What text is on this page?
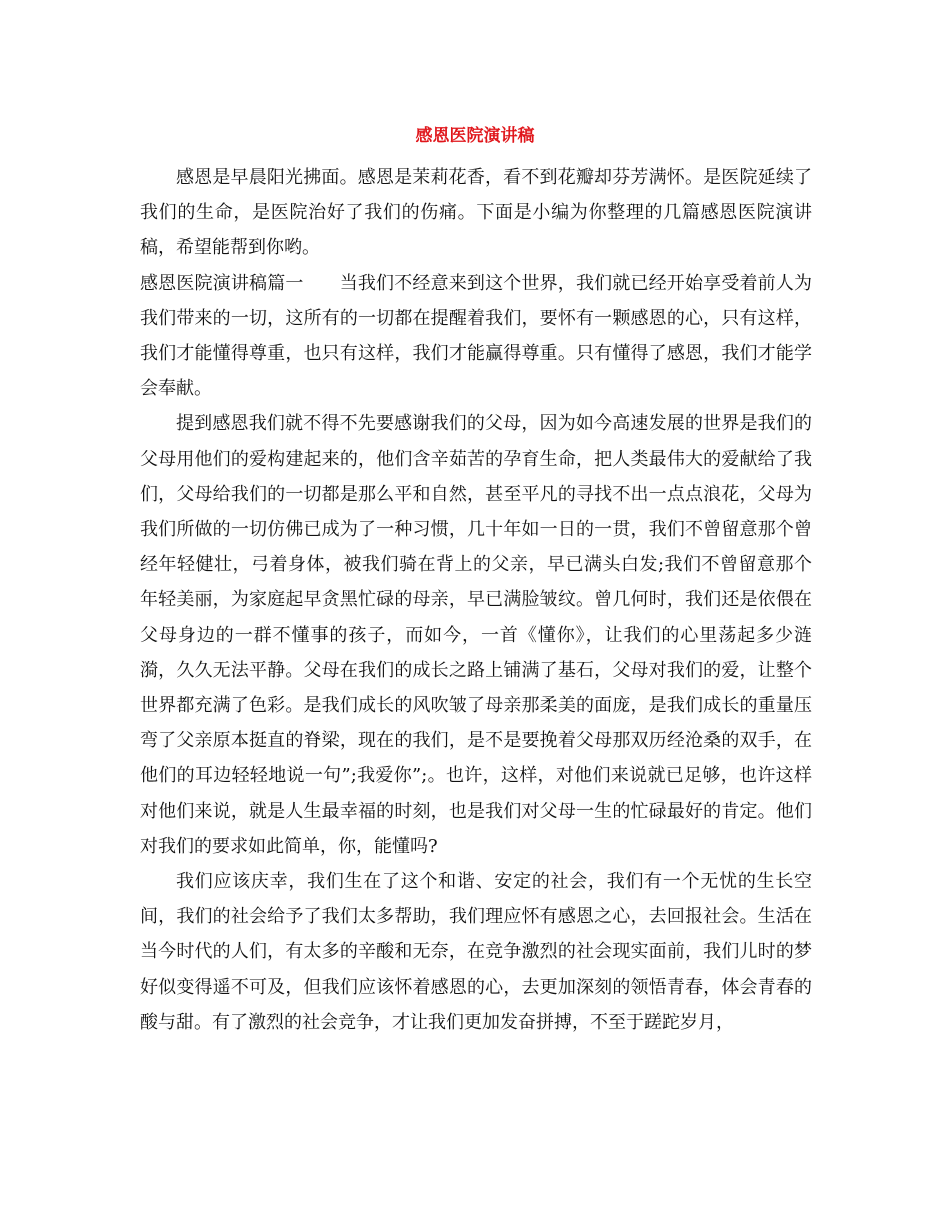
感恩医院演讲稿

感恩是早晨阳光拂面。感恩是茉莉花香，看不到花瓣却芬芳满怀。是医院延续了我们的生命，是医院治好了我们的伤痛。下面是小编为你整理的几篇感恩医院演讲稿，希望能帮到你哟。

感恩医院演讲稿篇一 当我们不经意来到这个世界，我们就已经开始享受着前人为我们带来的一切，这所有的一切都在提醒着我们，要怀有一颗感恩的心，只有这样，我们才能懂得尊重，也只有这样，我们才能赢得尊重。只有懂得了感恩，我们才能学会奉献。

提到感恩我们就不得不先要感谢我们的父母，因为如今高速发展的世界是我们的父母用他们的爱构建起来的，他们含辛茹苦的孕育生命，把人类最伟大的爱献给了我们，父母给我们的一切都是那么平和自然，甚至平凡的寻找不出一点点浪花，父母为我们所做的一切仿佛已成为了一种习惯，几十年如一日的一贯，我们不曾留意那个曾经年轻健壮，弓着身体，被我们骑在背上的父亲，早已满头白发;我们不曾留意那个年轻美丽，为家庭起早贪黑忙碌的母亲，早已满脸皱纹。曾几何时，我们还是依偎在父母身边的一群不懂事的孩子，而如今，一首《懂你》，让我们的心里荡起多少涟漪，久久无法平静。父母在我们的成长之路上铺满了基石，父母对我们的爱，让整个世界都充满了色彩。是我们成长的风吹皱了母亲那柔美的面庞，是我们成长的重量压弯了父亲原本挺直的脊梁，现在的我们，是不是要挽着父母那双历经沧桑的双手，在他们的耳边轻轻地说一句”;我爱你”;。也许，这样，对他们来说就已足够，也许这样对他们来说，就是人生最幸福的时刻，也是我们对父母一生的忙碌最好的肯定。他们对我们的要求如此简单，你，能懂吗?

我们应该庆幸，我们生在了这个和谐、安定的社会，我们有一个无忧的生长空间，我们的社会给予了我们太多帮助，我们理应怀有感恩之心，去回报社会。生活在当今时代的人们，有太多的辛酸和无奈，在竞争激烈的社会现实面前，我们儿时的梦好似变得遥不可及，但我们应该怀着感恩的心，去更加深刻的领悟青春，体会青春的酸与甜。有了激烈的社会竞争，才让我们更加发奋拼搏，不至于蹉跎岁月，
